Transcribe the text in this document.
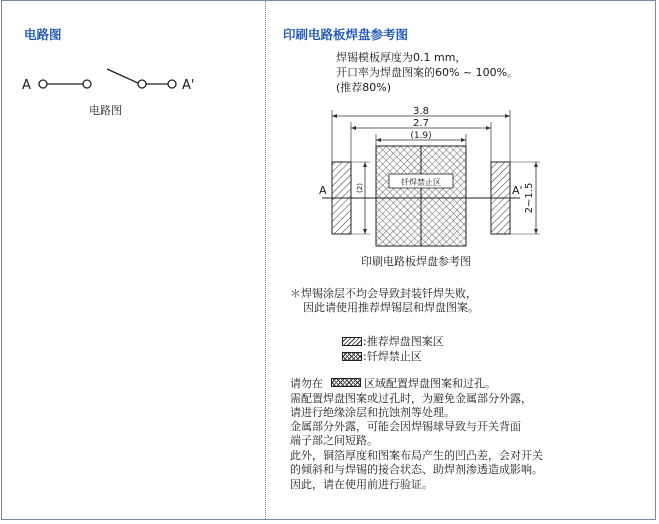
电路图
A	A'
电路图
印刷电路板焊盘参考图
焊锡模板厚度为0.1 mm，
开口率为焊盘图案的60% ~ 100%。
(推荐80%)
3.8
2.7
(1.9)
钎焊禁止区
(2)
A	A' 2~1.5
印刷电路板焊盘参考图
＊焊锡涂层不均会导致封装钎焊失败，
因此请使用推荐焊锡层和焊盘图案。
:推荐焊盘图案区
:钎焊禁止区
请勿在	区域配置焊盘图案和过孔。
需配置焊盘图案或过孔时，为避免金属部分外露，
请进行绝缘涂层和抗蚀剂等处理。
金属部分外露，可能会因焊锡球导致与开关背面
端子部之间短路。
此外，铜箔厚度和图案布局产生的凹凸差，会对开关
的倾斜和与焊锡的接合状态、助焊剂渗透造成影响。
因此，请在使用前进行验证。
